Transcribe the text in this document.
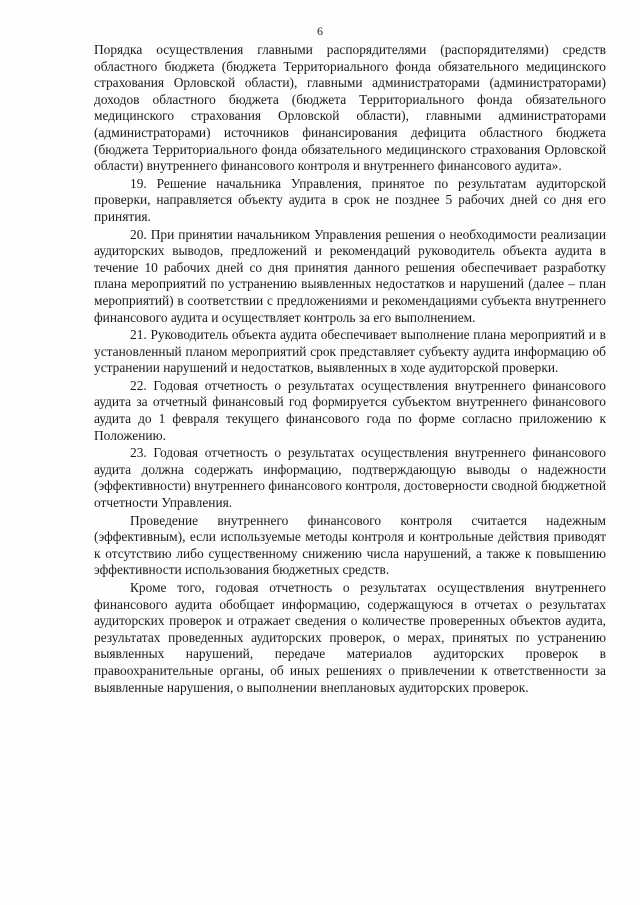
6

Порядка осуществления главными распорядителями (распорядителями) средств областного бюджета (бюджета Территориального фонда обязательного медицинского страхования Орловской области), главными администраторами (администраторами) доходов областного бюджета (бюджета Территориального фонда обязательного медицинского страхования Орловской области), главными администраторами (администраторами) источников финансирования дефицита областного бюджета (бюджета Территориального фонда обязательного медицинского страхования Орловской области) внутреннего финансового контроля и внутреннего финансового аудита».

19. Решение начальника Управления, принятое по результатам аудиторской проверки, направляется объекту аудита в срок не позднее 5 рабочих дней со дня его принятия.

20. При принятии начальником Управления решения о необходимости реализации аудиторских выводов, предложений и рекомендаций руководитель объекта аудита в течение 10 рабочих дней со дня принятия данного решения обеспечивает разработку плана мероприятий по устранению выявленных недостатков и нарушений (далее – план мероприятий) в соответствии с предложениями и рекомендациями субъекта внутреннего финансового аудита и осуществляет контроль за его выполнением.

21. Руководитель объекта аудита обеспечивает выполнение плана мероприятий и в установленный планом мероприятий срок представляет субъекту аудита информацию об устранении нарушений и недостатков, выявленных в ходе аудиторской проверки.

22. Годовая отчетность о результатах осуществления внутреннего финансового аудита за отчетный финансовый год формируется субъектом внутреннего финансового аудита до 1 февраля текущего финансового года по форме согласно приложению к Положению.

23. Годовая отчетность о результатах осуществления внутреннего финансового аудита должна содержать информацию, подтверждающую выводы о надежности (эффективности) внутреннего финансового контроля, достоверности сводной бюджетной отчетности Управления.

Проведение внутреннего финансового контроля считается надежным (эффективным), если используемые методы контроля и контрольные действия приводят к отсутствию либо существенному снижению числа нарушений, а также к повышению эффективности использования бюджетных средств.

Кроме того, годовая отчетность о результатах осуществления внутреннего финансового аудита обобщает информацию, содержащуюся в отчетах о результатах аудиторских проверок и отражает сведения о количестве проверенных объектов аудита, результатах проведенных аудиторских проверок, о мерах, принятых по устранению выявленных нарушений, передаче материалов аудиторских проверок в правоохранительные органы, об иных решениях о привлечении к ответственности за выявленные нарушения, о выполнении внеплановых аудиторских проверок.
